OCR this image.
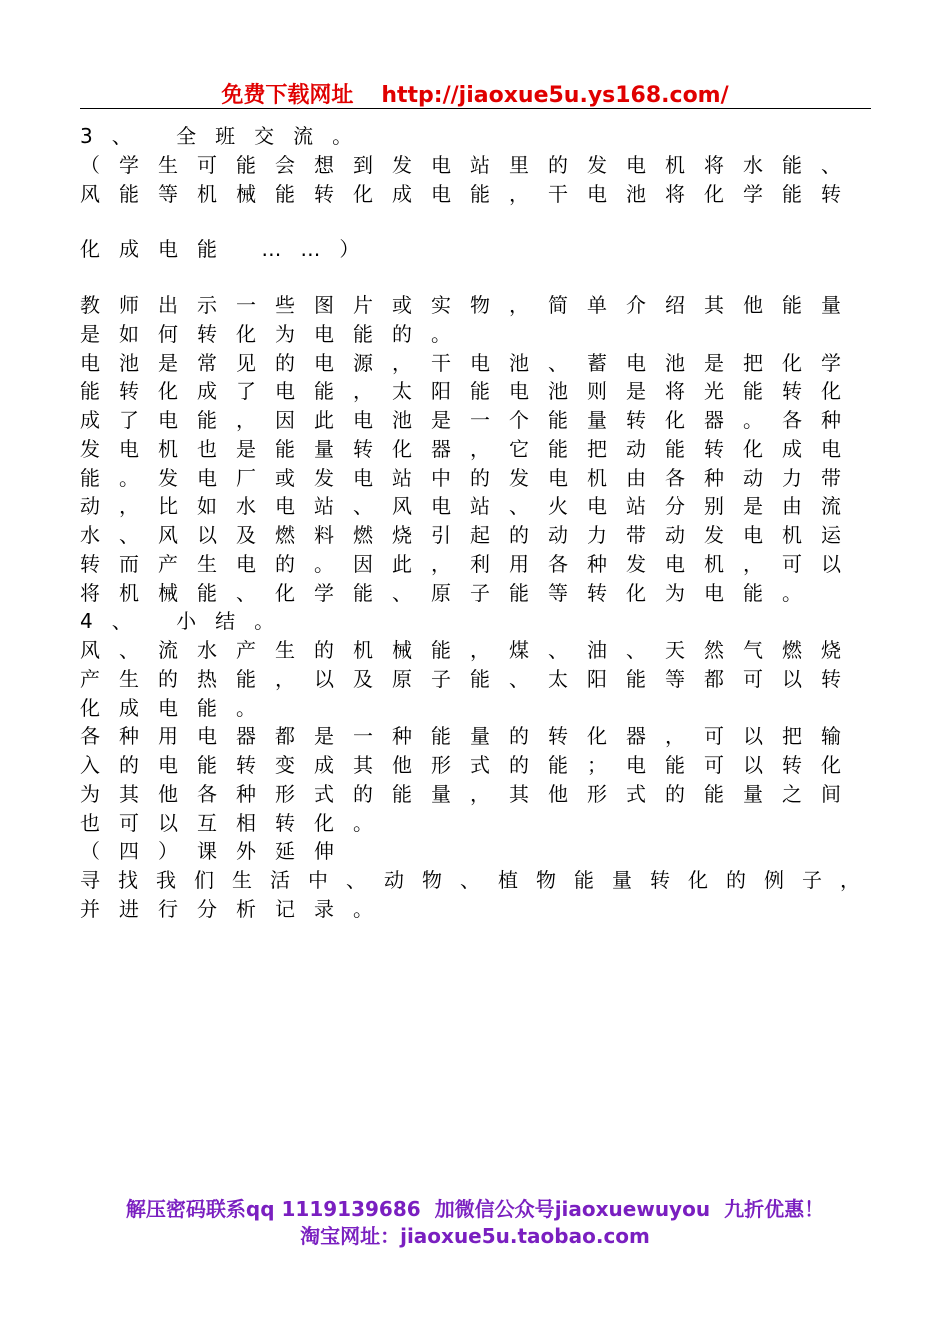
免费下载网址 http://jiaoxue5u.ys168.com/
3、 全班交流。
（学生可能会想到发电站里的发电机将水能、
风能等机械能转化成电能，干电池将化学能转
化成电能 ……）
教师出示一些图片或实物，简单介绍其他能量
是如何转化为电能的。
电池是常见的电源，干电池、蓄电池是把化学
能转化成了电能，太阳能电池则是将光能转化
成了电能，因此电池是一个能量转化器。各种
发电机也是能量转化器，它能把动能转化成电
能。发电厂或发电站中的发电机由各种动力带
动，比如水电站、风电站、火电站分别是由流
水、风以及燃料燃烧引起的动力带动发电机运
转而产生电的。因此，利用各种发电机，可以
将机械能、化学能、原子能等转化为电能。
4、 小结。
风、流水产生的机械能，煤、油、天然气燃烧
产生的热能，以及原子能、太阳能等都可以转
化成电能。
各种用电器都是一种能量的转化器，可以把输
入的电能转变成其他形式的能；电能可以转化
为其他各种形式的能量，其他形式的能量之间
也可以互相转化。
（四）课外延伸
寻找我们生活中、动物、植物能量转化的例子，
并进行分析记录。
解压密码联系qq 1119139686 加微信公众号jiaoxuewuyou 九折优惠！
淘宝网址：jiaoxue5u.taobao.com
